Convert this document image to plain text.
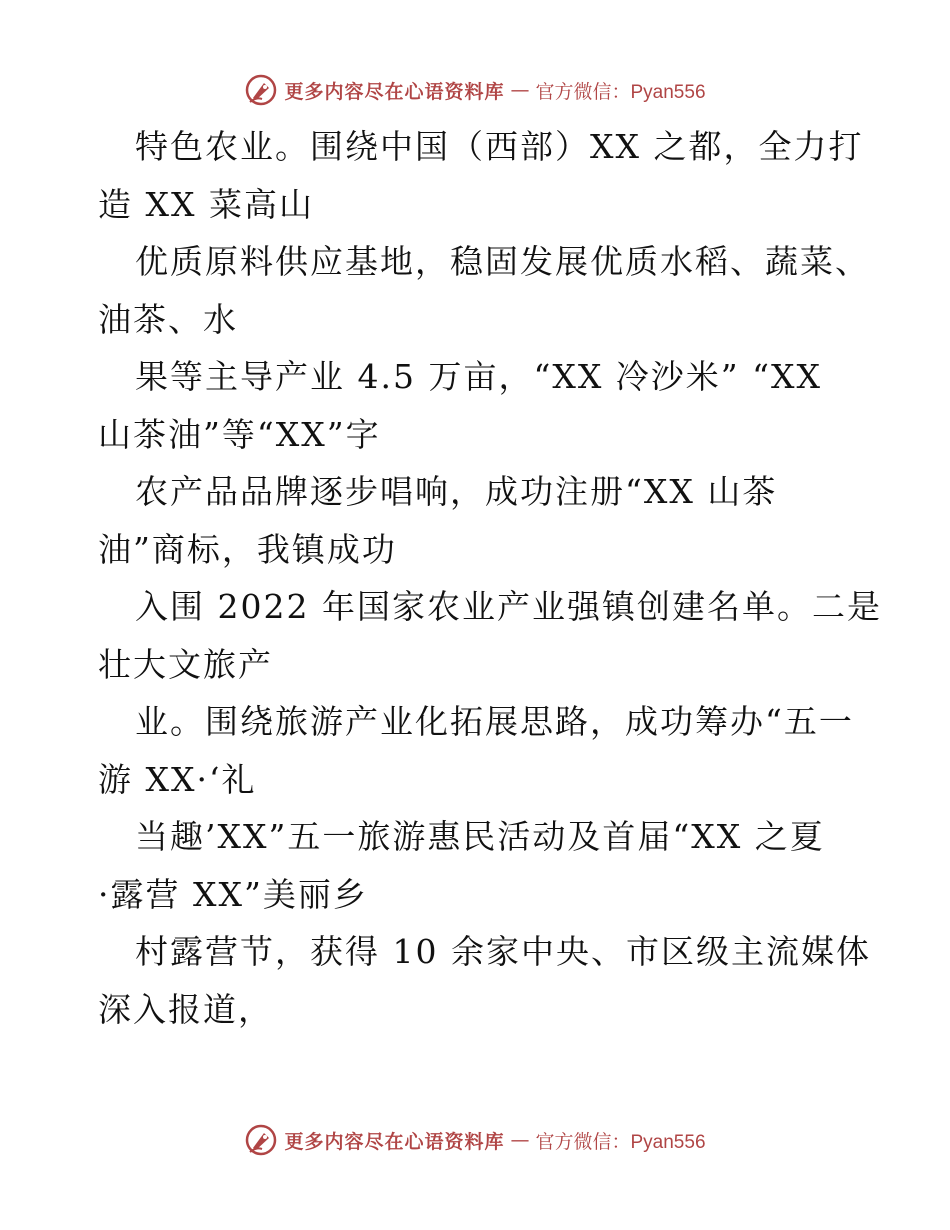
更多内容尽在心语资料库 — 官方微信：Pyan556
特色农业。围绕中国（西部）XX 之都，全力打
造 XX 菜高山
优质原料供应基地，稳固发展优质水稻、蔬菜、
油茶、水
果等主导产业 4.5 万亩，“XX 冷沙米” “XX
山茶油”等“XX”字
农产品品牌逐步唱响，成功注册“XX 山茶
油”商标，我镇成功
入围 2022 年国家农业产业强镇创建名单。二是
壮大文旅产
业。围绕旅游产业化拓展思路，成功筹办“五一
游 XX·‘礼
当趣’XX”五一旅游惠民活动及首届“XX 之夏
·露营 XX”美丽乡
村露营节，获得 10 余家中央、市区级主流媒体
深入报道，
更多内容尽在心语资料库 — 官方微信：Pyan556
